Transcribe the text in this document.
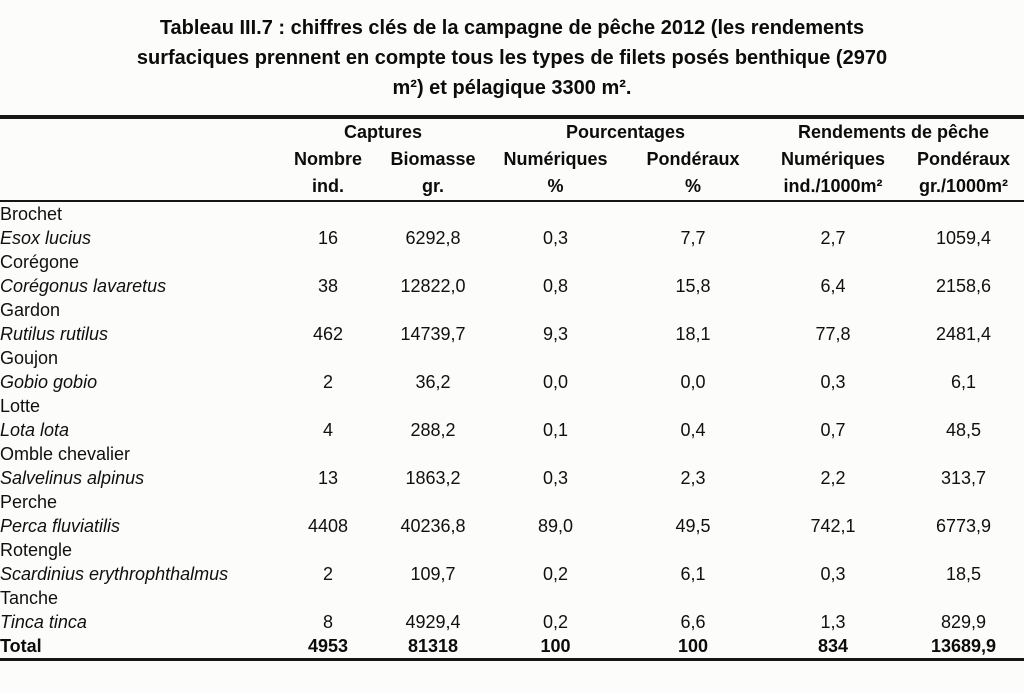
Tableau III.7 : chiffres clés de la campagne de pêche 2012 (les rendements
surfaciques prennent en compte tous les types de filets posés benthique (2970
m²) et pélagique 3300 m².
	Captures		Pourcentages		Rendements de pêche	
	Nombre	Biomasse	Numériques	Pondéraux	Numériques	Pondéraux
	ind.	gr.	%	%	ind./1000m²	gr./1000m²
Brochet						
Esox lucius	16	6292,8	0,3	7,7	2,7	1059,4
Corégone						
Corégonus lavaretus	38	12822,0	0,8	15,8	6,4	2158,6
Gardon						
Rutilus rutilus	462	14739,7	9,3	18,1	77,8	2481,4
Goujon						
Gobio gobio	2	36,2	0,0	0,0	0,3	6,1
Lotte						
Lota lota	4	288,2	0,1	0,4	0,7	48,5
Omble chevalier						
Salvelinus alpinus	13	1863,2	0,3	2,3	2,2	313,7
Perche						
Perca fluviatilis	4408	40236,8	89,0	49,5	742,1	6773,9
Rotengle						
Scardinius erythrophthalmus	2	109,7	0,2	6,1	0,3	18,5
Tanche						
Tinca tinca	8	4929,4	0,2	6,6	1,3	829,9
Total	4953	81318	100	100	834	13689,9
